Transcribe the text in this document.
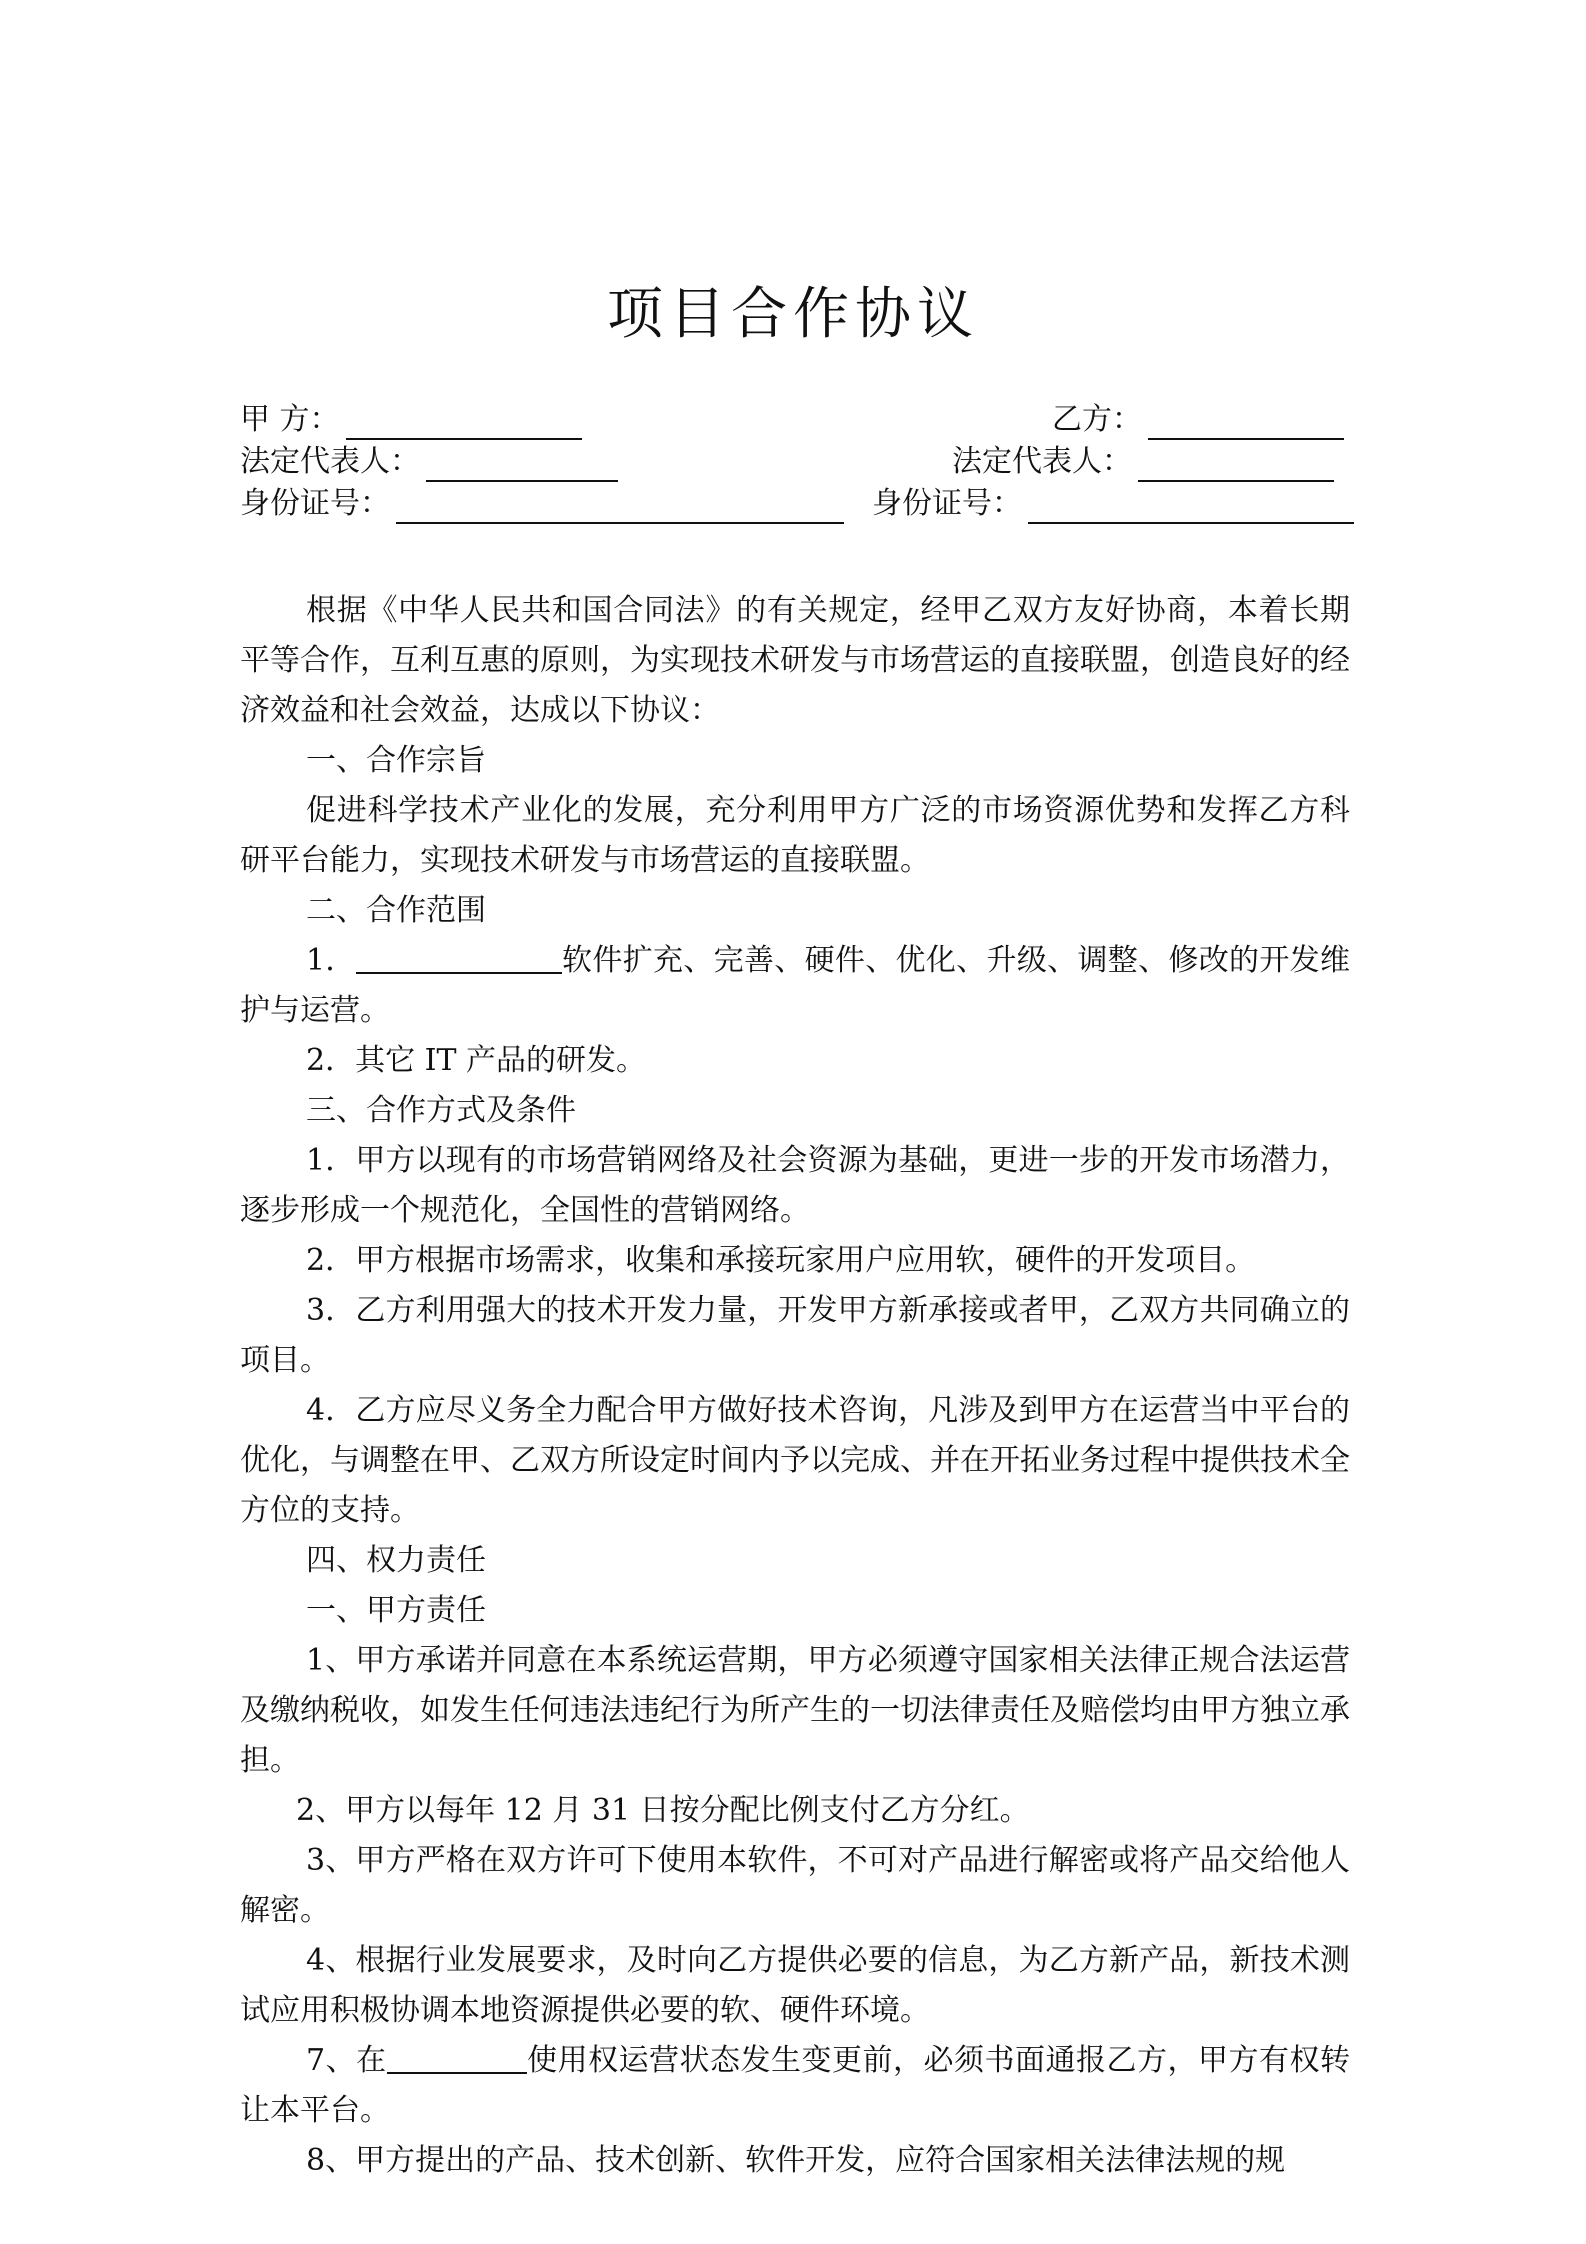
项目合作协议
甲 方：	乙方：
法定代表人：	法定代表人：
身份证号：	身份证号：

根据《中华人民共和国合同法》的有关规定，经甲乙双方友好协商，本着长期平等合作，互利互惠的原则，为实现技术研发与市场营运的直接联盟，创造良好的经济效益和社会效益，达成以下协议：

一、合作宗旨

促进科学技术产业化的发展，充分利用甲方广泛的市场资源优势和发挥乙方科研平台能力，实现技术研发与市场营运的直接联盟。

二、合作范围

1．	软件扩充、完善、硬件、优化、升级、调整、修改的开发维护与运营。

2．其它 IT 产品的研发。

三、合作方式及条件

1．甲方以现有的市场营销网络及社会资源为基础，更进一步的开发市场潜力，逐步形成一个规范化，全国性的营销网络。

2．甲方根据市场需求，收集和承接玩家用户应用软，硬件的开发项目。

3．乙方利用强大的技术开发力量，开发甲方新承接或者甲，乙双方共同确立的项目。

4．乙方应尽义务全力配合甲方做好技术咨询，凡涉及到甲方在运营当中平台的优化，与调整在甲、乙双方所设定时间内予以完成、并在开拓业务过程中提供技术全方位的支持。

四、权力责任

一、甲方责任

1、甲方承诺并同意在本系统运营期，甲方必须遵守国家相关法律正规合法运营及缴纳税收，如发生任何违法违纪行为所产生的一切法律责任及赔偿均由甲方独立承担。

2、甲方以每年 12 月 31 日按分配比例支付乙方分红。

3、甲方严格在双方许可下使用本软件，不可对产品进行解密或将产品交给他人解密。

4、根据行业发展要求，及时向乙方提供必要的信息，为乙方新产品，新技术测试应用积极协调本地资源提供必要的软、硬件环境。

7、在	使用权运营状态发生变更前，必须书面通报乙方，甲方有权转让本平台。

8、甲方提出的产品、技术创新、软件开发，应符合国家相关法律法规的规
